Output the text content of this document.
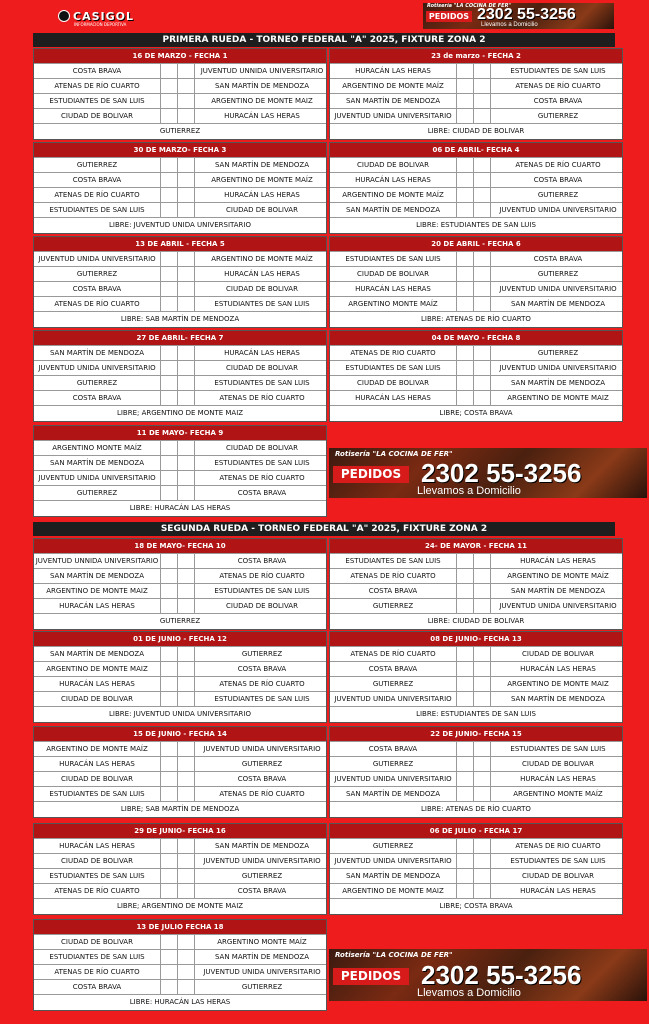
CASIGOL
INFORMACION DEPORTIVA
Rotisería "LA COCINA DE FER"
PEDIDOS 2302 55-3256
Llevamos a Domicilio
PRIMERA RUEDA - TORNEO FEDERAL "A" 2025, FIXTURE ZONA 2
SEGUNDA RUEDA - TORNEO FEDERAL "A" 2025, FIXTURE ZONA 2
16 DE MARZO - FECHA 1
COSTA BRAVA	JUVENTUD UNNIDA UNIVERSITARIO
ATENAS DE RÍO CUARTO	SAN MARTÍN DE MENDOZA
ESTUDIANTES DE SAN LUIS	ARGENTINO DE MONTE MAIZ
CIUDAD DE BOLIVAR	HURACÁN LAS HERAS
GUTIERREZ
23 de marzo - FECHA 2
HURACÁN LAS HERAS	ESTUDIANTES DE SAN LUIS
ARGENTINO DE MONTE MAÍZ	ATENAS DE RÍO CUARTO
SAN MARTÍN DE MENDOZA	COSTA BRAVA
JUVENTUD UNIDA UNIVERSITARIO	GUTIERREZ
LIBRE: CIUDAD DE BOLIVAR
30 DE MARZO- FECHA 3
GUTIERREZ	SAN MARTÍN DE MENDOZA
COSTA BRAVA	ARGENTINO DE MONTE MAÍZ
ATENAS DE RÍO CUARTO	HURACÁN LAS HERAS
ESTUDIANTES DE SAN LUIS	CIUDAD DE BOLIVAR
LIBRE: JUVENTUD UNIDA UNIVERSITARIO
06 DE ABRIL- FECHA 4
CIUDAD DE BOLIVAR	ATENAS DE RÍO CUARTO
HURACÁN LAS HERAS	COSTA BRAVA
ARGENTINO DE MONTE MAÍZ	GUTIERREZ
SAN MARTÍN DE MENDOZA	JUVENTUD UNIDA UNIVERSITARIO
LIBRE: ESTUDIANTES DE SAN LUIS
13 DE ABRIL - FECHA 5
JUVENTUD UNIDA UNIVERSITARIO	ARGENTINO DE MONTE MAÍZ
GUTIERREZ	HURACÁN LAS HERAS
COSTA BRAVA	CIUDAD DE BOLIVAR
ATENAS DE RÍO CUARTO	ESTUDIANTES DE SAN LUIS
LIBRE: SAB MARTÍN DE MENDOZA
20 DE ABRIL - FECHA 6
ESTUDIANTES DE SAN LUIS	COSTA BRAVA
CIUDAD DE BOLIVAR	GUTIERREZ
HURACÁN LAS HERAS	JUVENTUD UNIDA UNIVERSITARIO
ARGENTINO MONTE MAÍZ	SAN MARTÍN DE MENDOZA
LIBRE: ATENAS DE RÍO CUARTO
27 DE ABRIL- FECHA 7
SAN MARTÍN DE MENDOZA	HURACÁN LAS HERAS
JUVENTUD UNIDA UNIVERSITARIO	CIUDAD DE BOLIVAR
GUTIERREZ	ESTUDIANTES DE SAN LUIS
COSTA BRAVA	ATENAS DE RÍO CUARTO
LIBRE; ARGENTINO DE MONTE MAIZ
04 DE MAYO - FECHA 8
ATENAS DE RIO CUARTO	GUTIERREZ
ESTUDIANTES DE SAN LUIS	JUVENTUD UNIDA UNIVERSITARIO
CIUDAD DE BOLIVAR	SAN MARTÍN DE MENDOZA
HURACÁN LAS HERAS	ARGENTINO DE MONTE MAIZ
LIBRE; COSTA BRAVA
11 DE MAYO- FECHA 9
ARGENTINO MONTE MAÍZ	CIUDAD DE BOLIVAR
SAN MARTÍN DE MENDOZA	ESTUDIANTES DE SAN LUIS
JUVENTUD UNIDA UNIVERSITARIO	ATENAS DE RÍO CUARTO
GUTIERREZ	COSTA BRAVA
LIBRE: HURACÁN LAS HERAS
18 DE MAYO- FECHA 10
JUVENTUD UNNIDA UNIVERSITARIO	COSTA BRAVA
SAN MARTÍN DE MENDOZA	ATENAS DE RÍO CUARTO
ARGENTINO DE MONTE MAIZ	ESTUDIANTES DE SAN LUIS
HURACÁN LAS HERAS	CIUDAD DE BOLIVAR
GUTIERREZ
24- DE MAYOR - FECHA 11
ESTUDIANTES DE SAN LUIS	HURACÁN LAS HERAS
ATENAS DE RÍO CUARTO	ARGENTINO DE MONTE MAÍZ
COSTA BRAVA	SAN MARTÍN DE MENDOZA
GUTIERREZ	JUVENTUD UNIDA UNIVERSITARIO
LIBRE: CIUDAD DE BOLIVAR
01 DE JUNIO - FECHA 12
SAN MARTÍN DE MENDOZA	GUTIERREZ
ARGENTINO DE MONTE MAIZ	COSTA BRAVA
HURACÁN LAS HERAS	ATENAS DE RÍO CUARTO
CIUDAD DE BOLIVAR	ESTUDIANTES DE SAN LUIS
LIBRE: JUVENTUD UNIDA UNIVERSITARIO
08 DE JUNIO- FECHA 13
ATENAS DE RÍO CUARTO	CIUDAD DE BOLIVAR
COSTA BRAVA	HURACÁN LAS HERAS
GUTIERREZ	ARGENTINO DE MONTE MAIZ
JUVENTUD UNIDA UNIVERSITARIO	SAN MARTÍN DE MENDOZA
LIBRE: ESTUDIANTES DE SAN LUIS
15 DE JUNIO - FECHA 14
ARGENTINO DE MONTE MAÍZ	JUVENTUD UNIDA UNIVERSITARIO
HURACÁN LAS HERAS	GUTIERREZ
CIUDAD DE BOLIVAR	COSTA BRAVA
ESTUDIANTES DE SAN LUIS	ATENAS DE RÍO CUARTO
LIBRE; SAB MARTÍN DE MENDOZA
22 DE JUNIO- FECHA 15
COSTA BRAVA	ESTUDIANTES DE SAN LUIS
GUTIERREZ	CIUDAD DE BOLIVAR
JUVENTUD UNIDA UNIVERSITARIO	HURACÁN LAS HERAS
SAN MARTÍN DE MENDOZA	ARGENTINO MONTE MAÍZ
LIBRE: ATENAS DE RÍO CUARTO
29 DE JUNIO- FECHA 16
HURACÁN LAS HERAS	SAN MARTÍN DE MENDOZA
CIUDAD DE BOLIVAR	JUVENTUD UNIDA UNIVERSITARIO
ESTUDIANTES DE SAN LUIS	GUTIERREZ
ATENAS DE RÍO CUARTO	COSTA BRAVA
LIBRE; ARGENTINO DE MONTE MAIZ
06 DE JULIO - FECHA 17
GUTIERREZ	ATENAS DE RIO CUARTO
JUVENTUD UNIDA UNIVERSITARIO	ESTUDIANTES DE SAN LUIS
SAN MARTÍN DE MENDOZA	CIUDAD DE BOLIVAR
ARGENTINO DE MONTE MAIZ	HURACÁN LAS HERAS
LIBRE; COSTA BRAVA
13 DE JULIO FECHA 18
CIUDAD DE BOLIVAR	ARGENTINO MONTE MAÍZ
ESTUDIANTES DE SAN LUIS	SAN MARTÍN DE MENDOZA
ATENAS DE RÍO CUARTO	JUVENTUD UNIDA UNIVERSITARIO
COSTA BRAVA	GUTIERREZ
LIBRE: HURACÁN LAS HERAS
Rotisería "LA COCINA DE FER"
PEDIDOS 2302 55-3256
Llevamos a Domicilio
Rotisería "LA COCINA DE FER"
PEDIDOS 2302 55-3256
Llevamos a Domicilio
